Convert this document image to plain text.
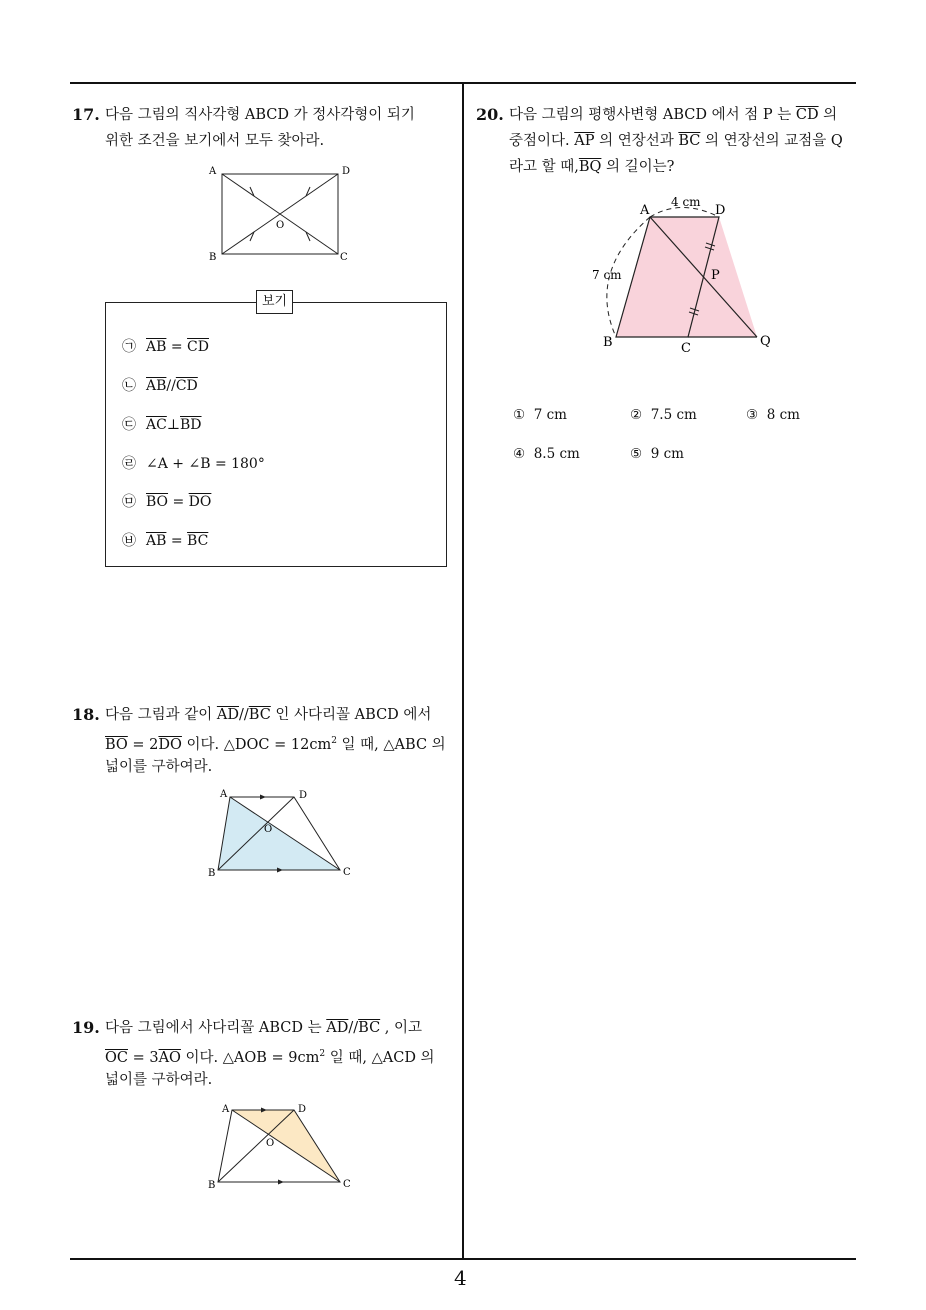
17. 다음 그림의 직사각형 ABCD 가 정사각형이 되기
위한 조건을 보기에서 모두 찾아라.
A	D
B	C
O
보기
㉠ $\overline{AB} = \overline{CD}$
㉡ $\overline{AB}//\overline{CD}$
㉢ $\overline{AC}\perp\overline{BD}$
㉣ ∠A + ∠B = 180°
㉤ $\overline{BO} = \overline{DO}$
㉥ $\overline{AB} = \overline{BC}$
18. 다음 그림과 같이 $\overline{AD}//\overline{BC}$ 인 사다리꼴 ABCD 에서
$\overline{BO} = 2\overline{DO}$ 이다. △DOC = $12cm^2$ 일 때, △ABC 의
넓이를 구하여라.
A	D
B	C
O
19. 다음 그림에서 사다리꼴 ABCD 는 $\overline{AD}//\overline{BC}$ , 이고
$\overline{OC} = 3\overline{AO}$ 이다. △AOB = $9cm^2$ 일 때, △ACD 의
넓이를 구하여라.
A	D
B	C
O
20. 다음 그림의 평행사변형 ABCD 에서 점 P 는 $\overline{CD}$ 의
중점이다. $\overline{AP}$ 의 연장선과 $\overline{BC}$ 의 연장선의 교점을 Q
라고 할 때$,\overline{BQ}$ 의 길이는?
A	D
4 cm
7 cm	P
B	C	Q
① 7 cm	② 7.5 cm	③ 8 cm
④ 8.5 cm	⑤ 9 cm
4
